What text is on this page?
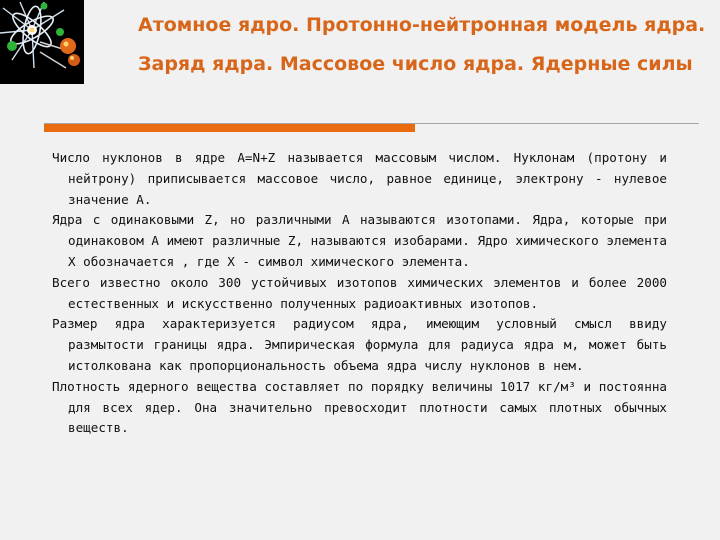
Атомное ядро. Протонно-нейтронная модель ядра. Заряд ядра. Массовое число ядра. Ядерные силы

Число нуклонов в ядре А=N+Z называется массовым числом. Нуклонам (протону и нейтрону) приписывается массовое число, равное единице, электрону - нулевое значение А.

Ядра с одинаковыми Z, но различными А называются изотопами. Ядра, которые при одинаковом А имеют различные Z, называются изобарами. Ядро химического элемента Х обозначается , где Х - символ химического элемента.

Всего известно около 300 устойчивых изотопов химических элементов и более 2000 естественных и искусственно полученных радиоактивных изотопов.

Размер ядра характеризуется радиусом ядра, имеющим условный смысл ввиду размытости границы ядра. Эмпирическая формула для радиуса ядра м, может быть истолкована как пропорциональность объема ядра числу нуклонов в нем.

Плотность ядерного вещества составляет по порядку величины 1017 кг/м³ и постоянна для всех ядер. Она значительно превосходит плотности самых плотных обычных веществ.
